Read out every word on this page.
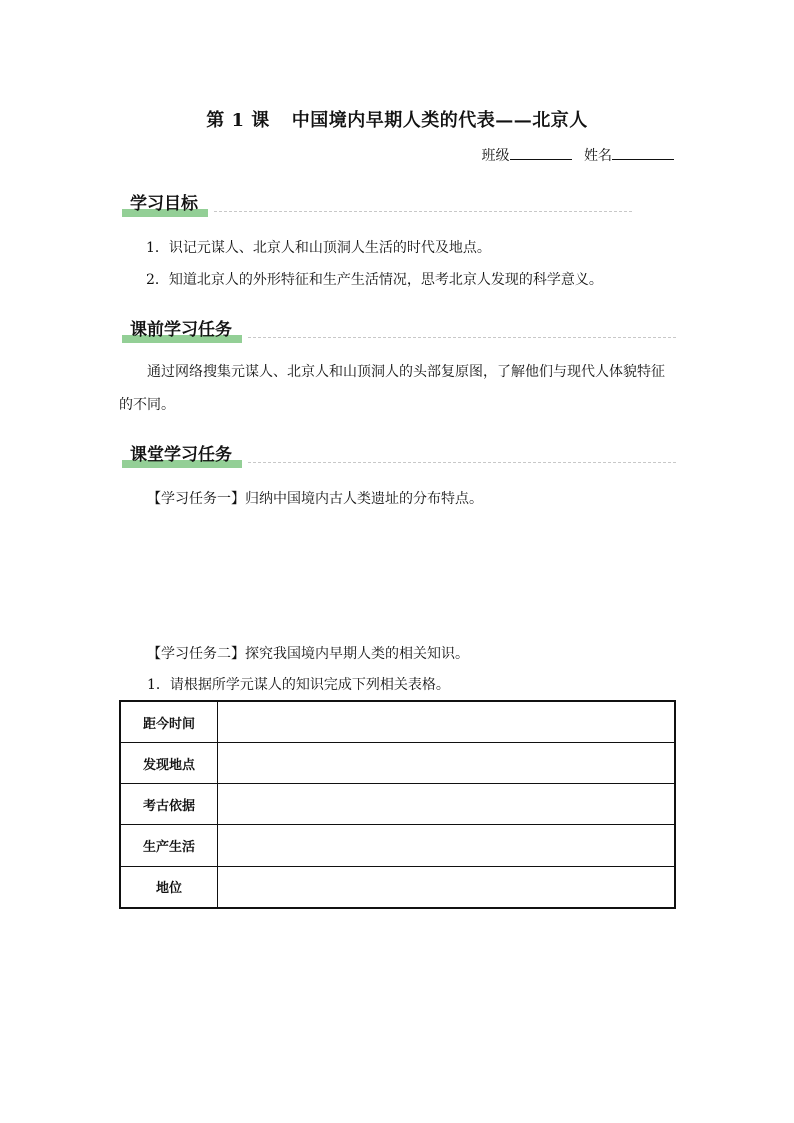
第 1 课 中国境内早期人类的代表——北京人
班级	姓名
学习目标
1．识记元谋人、北京人和山顶洞人生活的时代及地点。
2．知道北京人的外形特征和生产生活情况，思考北京人发现的科学意义。
课前学习任务
通过网络搜集元谋人、北京人和山顶洞人的头部复原图，了解他们与现代人体貌特征的不同。
课堂学习任务
【学习任务一】归纳中国境内古人类遗址的分布特点。
【学习任务二】探究我国境内早期人类的相关知识。
1．请根据所学元谋人的知识完成下列相关表格。
距今时间	
发现地点	
考古依据	
生产生活	
地位	
